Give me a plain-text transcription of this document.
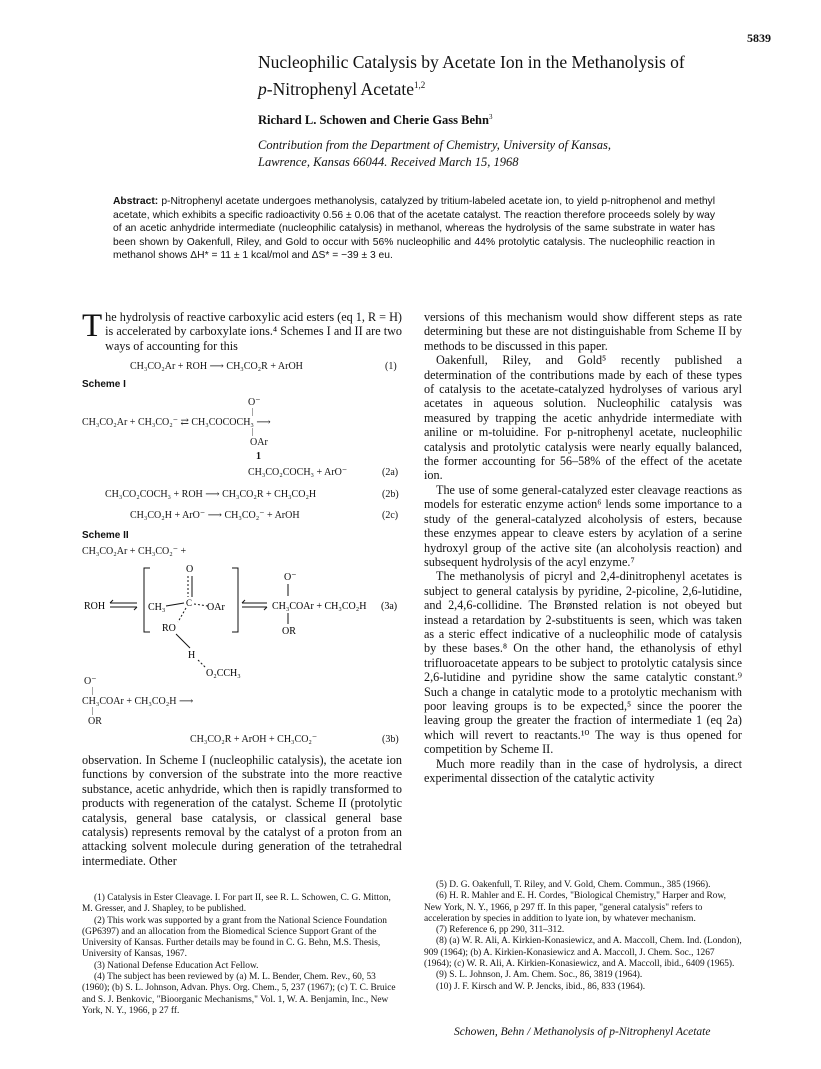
5839
Nucleophilic Catalysis by Acetate Ion in the Methanolysis of
p-Nitrophenyl Acetate$^{1,2}$
Richard L. Schowen and Cherie Gass Behn$^3$
Contribution from the Department of Chemistry, University of Kansas,
Lawrence, Kansas 66044. Received March 15, 1968
Abstract: p-Nitrophenyl acetate undergoes methanolysis, catalyzed by tritium-labeled acetate ion, to yield p-nitrophenol and methyl acetate, which exhibits a specific radioactivity 0.56 ± 0.06 that of the acetate catalyst. The reaction therefore proceeds solely by way of an acetic anhydride intermediate (nucleophilic catalysis) in methanol, whereas the hydrolysis of the same substrate in water has been shown by Oakenfull, Riley, and Gold to occur with 56% nucleophilic and 44% protolytic catalysis. The nucleophilic reaction in methanol shows ΔH* = 11 ± 1 kcal/mol and ΔS* = −39 ± 3 eu.
T he hydrolysis of reactive carboxylic acid esters (eq 1, R = H) is accelerated by carboxylate ions.⁴ Schemes I and II are two ways of accounting for this

CH₃CO₂Ar + ROH ⟶ CH₃CO₂R + ArOH	(1)
Scheme I
O⁻
|
CH₃CO₂Ar + CH₃CO₂⁻ ⇄ CH₃COCOCH₃ ⟶
|
OAr
1
CH₃CO₂COCH₃ + ArO⁻	(2a)
CH₃CO₂COCH₃ + ROH ⟶ CH₃CO₂R + CH₃CO₂H	(2b)
CH₃CO₂H + ArO⁻ ⟶ CH₃CO₂⁻ + ArOH	(2c)
Scheme II
CH₃CO₂Ar + CH₃CO₂⁻ +
ROH
O
CH₃ C OAr
RO
H
O₂CCH₃
O⁻
CH₃COAr + CH₃CO₂H
OR
(3a)
O⁻
|
CH₃COAr + CH₃CO₂H ⟶
|
OR
CH₃CO₂R + ArOH + CH₃CO₂⁻	(3b)

observation. In Scheme I (nucleophilic catalysis), the acetate ion functions by conversion of the substrate into the more reactive substance, acetic anhydride, which then is rapidly transformed to products with regeneration of the catalyst. Scheme II (protolytic catalysis, general base catalysis, or classical general base catalysis) represents removal by the catalyst of a proton from an attacking solvent molecule during generation of the tetrahedral intermediate. Other

versions of this mechanism would show different steps as rate determining but these are not distinguishable from Scheme II by methods to be discussed in this paper.

Oakenfull, Riley, and Gold⁵ recently published a determination of the contributions made by each of these types of catalysis to the acetate-catalyzed hydrolyses of various aryl acetates in aqueous solution. Nucleophilic catalysis was measured by trapping the acetic anhydride intermediate with aniline or m-toluidine. For p-nitrophenyl acetate, nucleophilic catalysis and protolytic catalysis were nearly equally balanced, the former accounting for 56–58% of the effect of the acetate ion.

The use of some general-catalyzed ester cleavage reactions as models for esteratic enzyme action⁶ lends some importance to a study of the general-catalyzed alcoholysis of esters, because these enzymes appear to cleave esters by acylation of a serine hydroxyl group of the active site (an alcoholysis reaction) and subsequent hydrolysis of the acyl enzyme.⁷

The methanolysis of picryl and 2,4-dinitrophenyl acetates is subject to general catalysis by pyridine, 2-picoline, 2,6-lutidine, and 2,4,6-collidine. The Brønsted relation is not obeyed but instead a retardation by 2-substituents is seen, which was taken as a steric effect indicative of a nucleophilic mode of catalysis by these bases.⁸ On the other hand, the ethanolysis of ethyl trifluoroacetate appears to be subject to protolytic catalysis since 2,6-lutidine and pyridine show the same catalytic constant.⁹ Such a change in catalytic mode to a protolytic mechanism with poor leaving groups is to be expected,⁵ since the poorer the leaving group the greater the fraction of intermediate 1 (eq 2a) which will revert to reactants.¹⁰ The way is thus opened for competition by Scheme II.

Much more readily than in the case of hydrolysis, a direct experimental dissection of the catalytic activity

(1) Catalysis in Ester Cleavage. I. For part II, see R. L. Schowen, C. G. Mitton, M. Gresser, and J. Shapley, to be published.

(2) This work was supported by a grant from the National Science Foundation (GP6397) and an allocation from the Biomedical Science Support Grant of the University of Kansas. Further details may be found in C. G. Behn, M.S. Thesis, University of Kansas, 1967.

(3) National Defense Education Act Fellow.

(4) The subject has been reviewed by (a) M. L. Bender, Chem. Rev., 60, 53 (1960); (b) S. L. Johnson, Advan. Phys. Org. Chem., 5, 237 (1967); (c) T. C. Bruice and S. J. Benkovic, "Bioorganic Mechanisms," Vol. 1, W. A. Benjamin, Inc., New York, N. Y., 1966, p 27 ff.

(5) D. G. Oakenfull, T. Riley, and V. Gold, Chem. Commun., 385 (1966).

(6) H. R. Mahler and E. H. Cordes, "Biological Chemistry," Harper and Row, New York, N. Y., 1966, p 297 ff. In this paper, "general catalysis" refers to acceleration by species in addition to lyate ion, by whatever mechanism.

(7) Reference 6, pp 290, 311–312.

(8) (a) W. R. Ali, A. Kirkien-Konasiewicz, and A. Maccoll, Chem. Ind. (London), 909 (1964); (b) A. Kirkien-Konasiewicz and A. Maccoll, J. Chem. Soc., 1267 (1964); (c) W. R. Ali, A. Kirkien-Konasiewicz, and A. Maccoll, ibid., 6409 (1965).

(9) S. L. Johnson, J. Am. Chem. Soc., 86, 3819 (1964).

(10) J. F. Kirsch and W. P. Jencks, ibid., 86, 833 (1964).

Schowen, Behn / Methanolysis of p-Nitrophenyl Acetate
